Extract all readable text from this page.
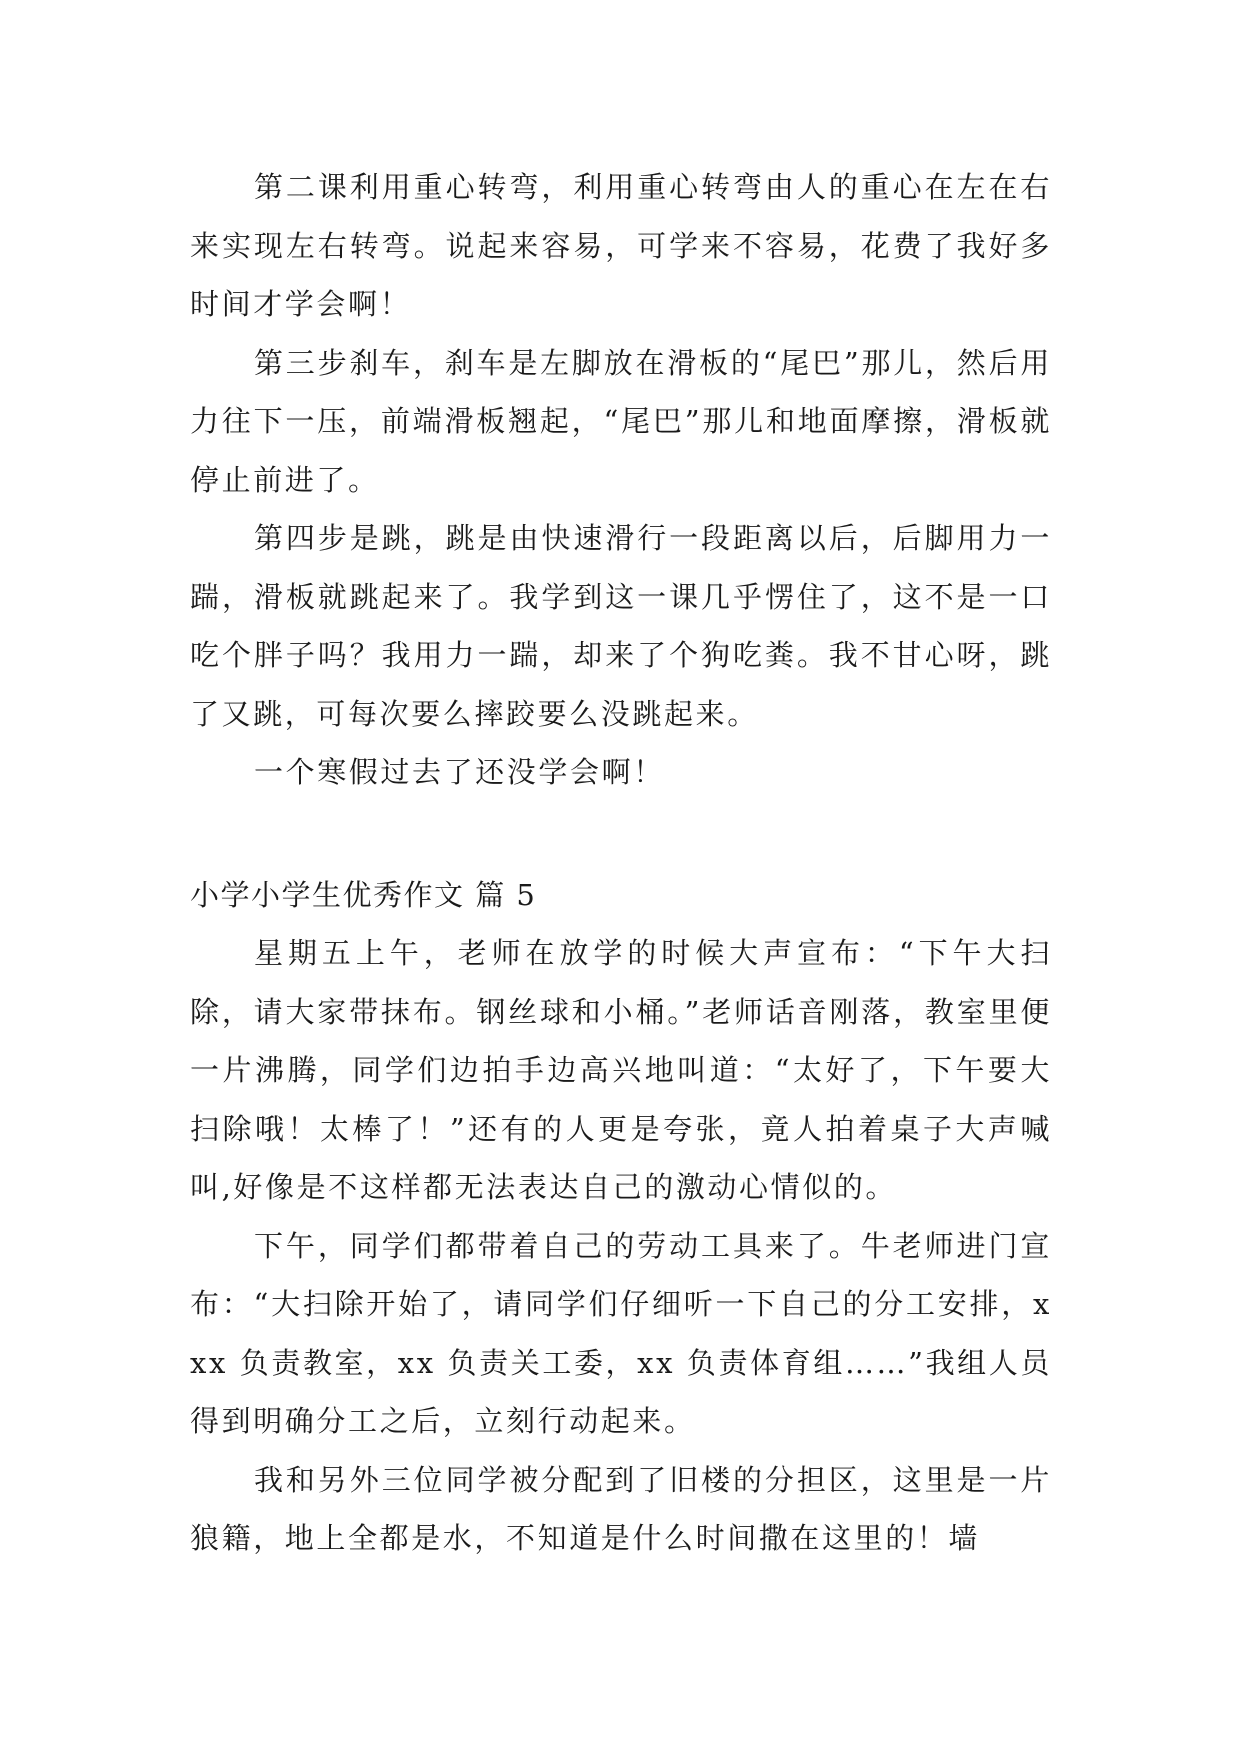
第二课利用重心转弯，利用重心转弯由人的重心在左在右来实现左右转弯。说起来容易，可学来不容易，花费了我好多时间才学会啊！

第三步刹车，刹车是左脚放在滑板的“尾巴”那儿，然后用力往下一压，前端滑板翘起，“尾巴”那儿和地面摩擦，滑板就停止前进了。

第四步是跳，跳是由快速滑行一段距离以后，后脚用力一踹，滑板就跳起来了。我学到这一课几乎愣住了，这不是一口吃个胖子吗？我用力一踹，却来了个狗吃粪。我不甘心呀，跳了又跳，可每次要么摔跤要么没跳起来。

一个寒假过去了还没学会啊！

小学小学生优秀作文 篇 5

星期五上午，老师在放学的时候大声宣布：“下午大扫除，请大家带抹布。钢丝球和小桶。”老师话音刚落，教室里便一片沸腾，同学们边拍手边高兴地叫道：“太好了，下午要大扫除哦！太棒了！”还有的人更是夸张，竟人拍着桌子大声喊叫,好像是不这样都无法表达自己的激动心情似的。

下午，同学们都带着自己的劳动工具来了。牛老师进门宣布：“大扫除开始了，请同学们仔细听一下自己的分工安排，xxx 负责教室，xx 负责关工委，xx 负责体育组……”我组人员得到明确分工之后，立刻行动起来。

我和另外三位同学被分配到了旧楼的分担区，这里是一片狼籍，地上全都是水，不知道是什么时间撒在这里的！墙
